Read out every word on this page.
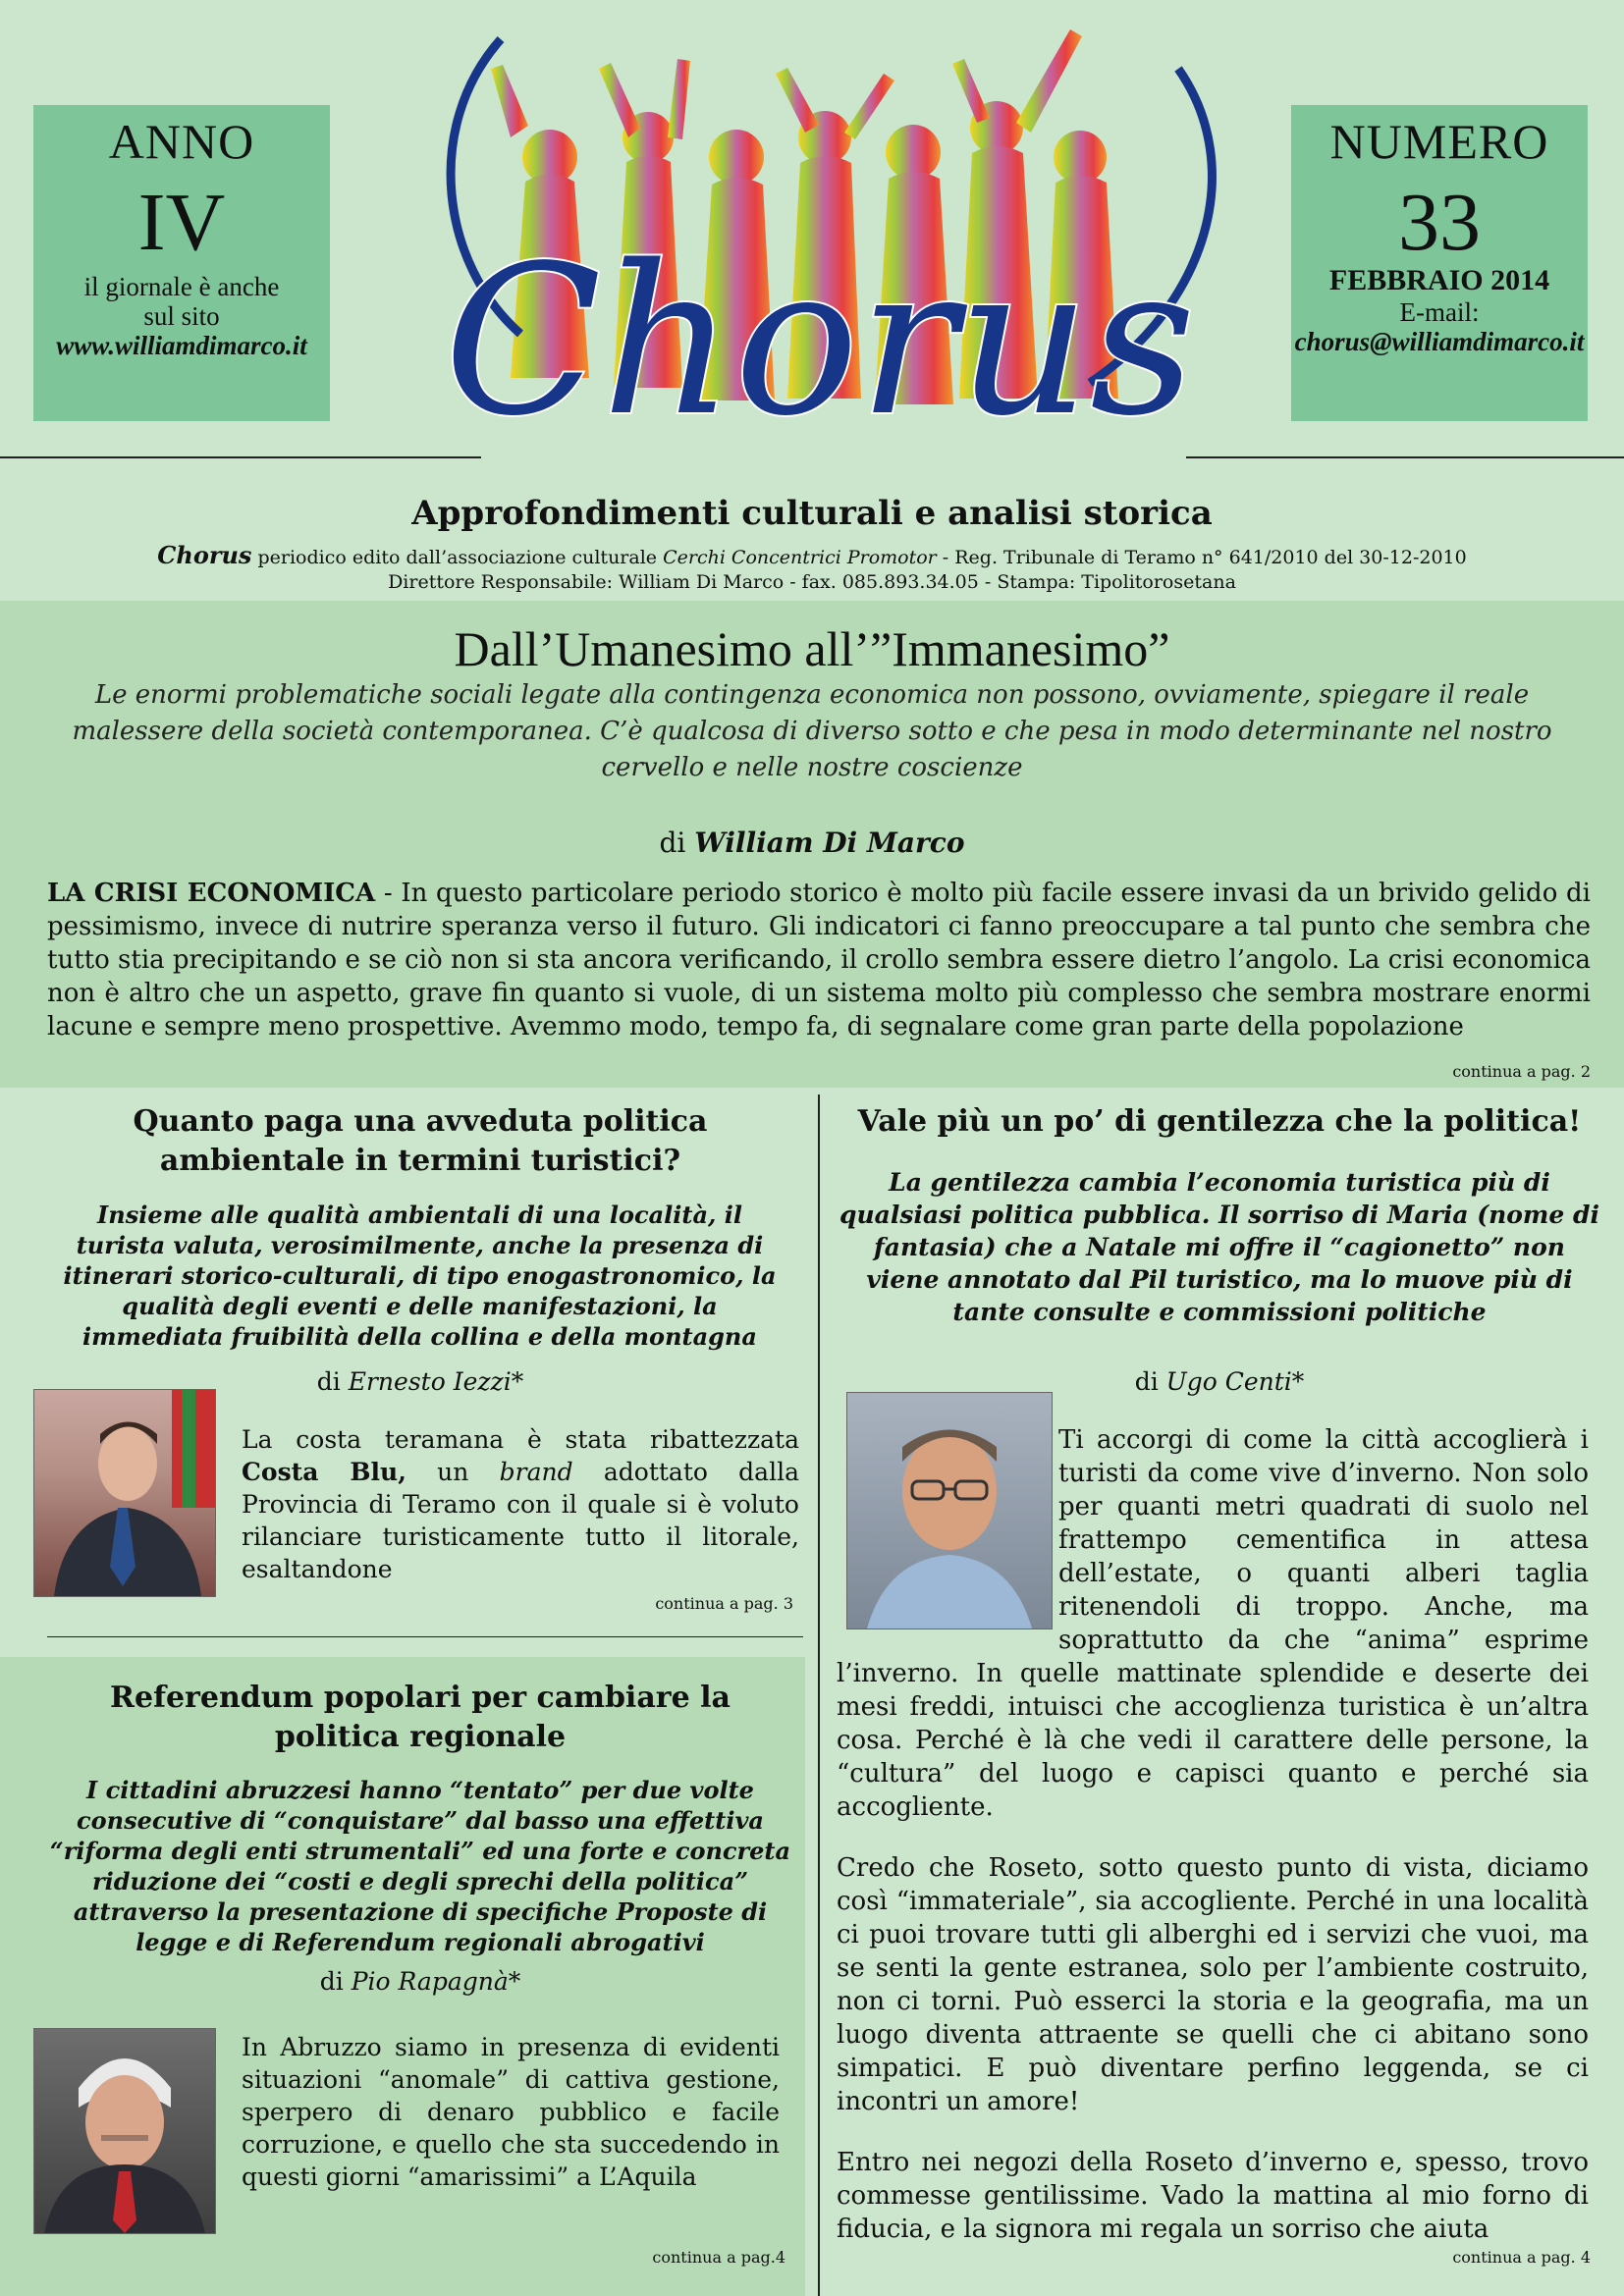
ANNO
IV
il giornale è anche
sul sito
www.williamdimarco.it
NUMERO
33
FEBBRAIO 2014
E-mail:
chorus@williamdimarco.it
Chorus
Approfondimenti culturali e analisi storica
Chorus periodico edito dall’associazione culturale Cerchi Concentrici Promotor - Reg. Tribunale di Teramo n° 641/2010 del 30-12-2010
Direttore Responsabile: William Di Marco - fax. 085.893.34.05 - Stampa: Tipolitorosetana
Dall’Umanesimo all’”Immanesimo”
Le enormi problematiche sociali legate alla contingenza economica non possono, ovviamente, spiegare il reale malessere della società contemporanea. C’è qualcosa di diverso sotto e che pesa in modo determinante nel nostro cervello e nelle nostre coscienze
di William Di Marco
LA CRISI ECONOMICA - In questo particolare periodo storico è molto più facile essere invasi da un brivido gelido di pessimismo, invece di nutrire speranza verso il futuro. Gli indicatori ci fanno preoccupare a tal punto che sembra che tutto stia precipitando e se ciò non si sta ancora verificando, il crollo sembra essere dietro l’angolo. La crisi economica non è altro che un aspetto, grave fin quanto si vuole, di un sistema molto più complesso che sembra mostrare enormi lacune e sempre meno prospettive. Avemmo modo, tempo fa, di segnalare come gran parte della popolazione
continua a pag. 2
Quanto paga una avveduta politica ambientale in termini turistici?
Insieme alle qualità ambientali di una località, il turista valuta, verosimilmente, anche la presenza di itinerari storico-culturali, di tipo enogastronomico, la qualità degli eventi e delle manifestazioni, la immediata fruibilità della collina e della montagna
di Ernesto Iezzi*
La costa teramana è stata ribattezzata Costa Blu, un brand adottato dalla Provincia di Teramo con il quale si è voluto rilanciare turisticamente tutto il litorale, esaltandone
continua a pag. 3
Referendum popolari per cambiare la politica regionale
I cittadini abruzzesi hanno “tentato” per due volte consecutive di “conquistare” dal basso una effettiva “riforma degli enti strumentali” ed una forte e concreta riduzione dei “costi e degli sprechi della politica” attraverso la presentazione di specifiche Proposte di legge e di Referendum regionali abrogativi
di Pio Rapagnà*
In Abruzzo siamo in presenza di evidenti situazioni “anomale” di cattiva gestione, sperpero di denaro pubblico e facile corruzione, e quello che sta succedendo in questi giorni “amarissimi” a L’Aquila
continua a pag.4
Vale più un po’ di gentilezza che la politica!
La gentilezza cambia l’economia turistica più di qualsiasi politica pubblica. Il sorriso di Maria (nome di fantasia) che a Natale mi offre il “cagionetto” non viene annotato dal Pil turistico, ma lo muove più di tante consulte e commissioni politiche
di Ugo Centi*

Ti accorgi di come la città accoglierà i turisti da come vive d’inverno. Non solo per quanti metri quadrati di suolo nel frattempo cementifica in attesa dell’estate, o quanti alberi taglia ritenendoli di troppo. Anche, ma soprattutto da che “anima” esprime l’inverno. In quelle mattinate splendide e deserte dei mesi freddi, intuisci che accoglienza turistica è un’altra cosa. Perché è là che vedi il carattere delle persone, la “cultura” del luogo e capisci quanto e perché sia accogliente.

Credo che Roseto, sotto questo punto di vista, diciamo così “immateriale”, sia accogliente. Perché in una località ci puoi trovare tutti gli alberghi ed i servizi che vuoi, ma se senti la gente estranea, solo per l’ambiente costruito, non ci torni. Può esserci la storia e la geografia, ma un luogo diventa attraente se quelli che ci abitano sono simpatici. E può diventare perfino leggenda, se ci incontri un amore!

Entro nei negozi della Roseto d’inverno e, spesso, trovo commesse gentilissime. Vado la mattina al mio forno di fiducia, e la signora mi regala un sorriso che aiuta

continua a pag. 4
